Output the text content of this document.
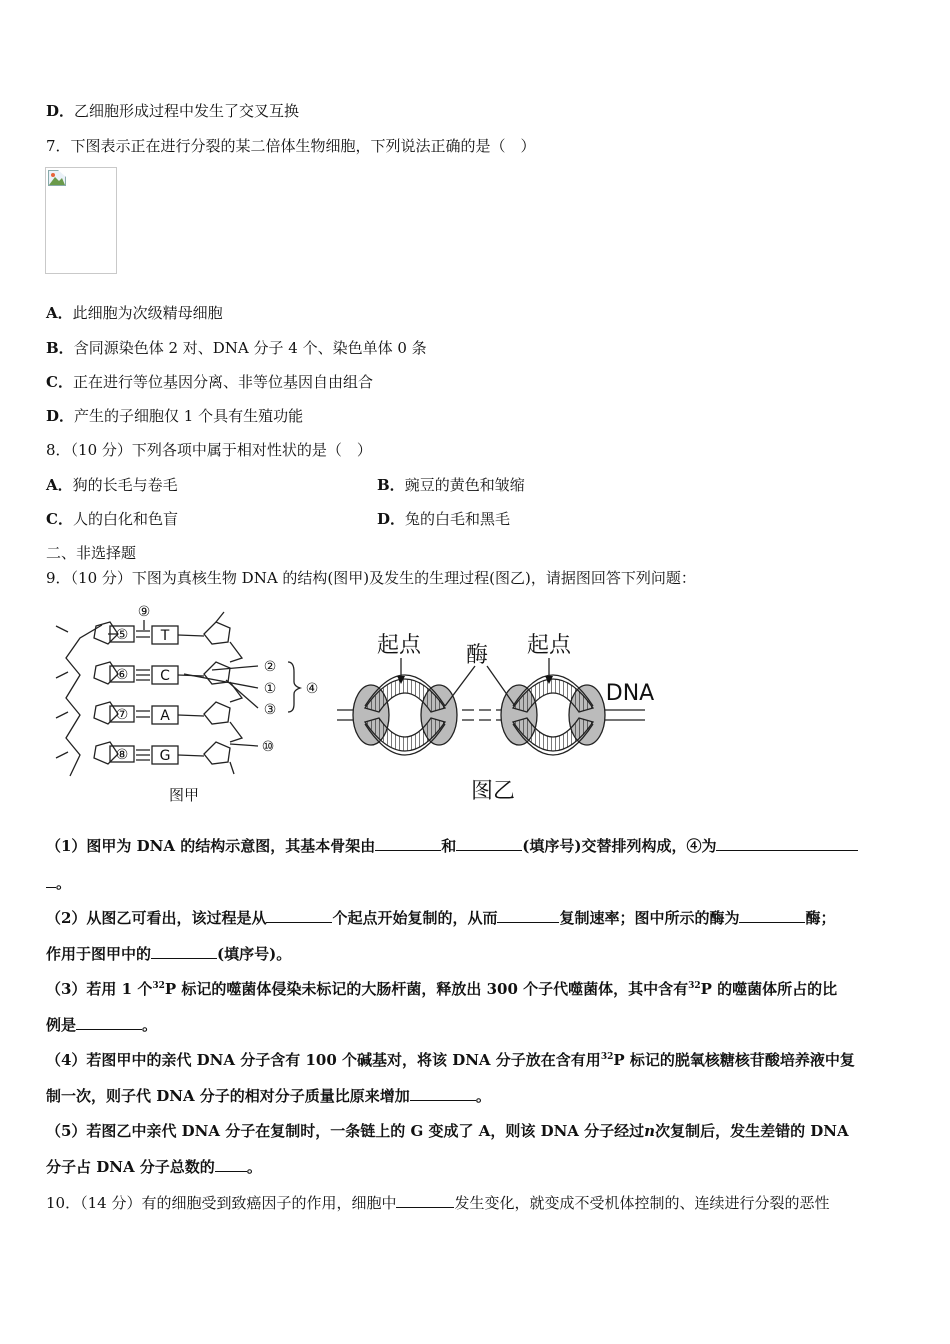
D．乙细胞形成过程中发生了交叉互换
7．下图表示正在进行分裂的某二倍体生物细胞，下列说法正确的是（　）
A．此细胞为次级精母细胞
B．含同源染色体 2 对、DNA 分子 4 个、染色单体 0 条
C．正在进行等位基因分离、非等位基因自由组合
D．产生的子细胞仅 1 个具有生殖功能
8．（10 分）下列各项中属于相对性状的是（　）
A．狗的长毛与卷毛	B．豌豆的黄色和皱缩
C．人的白化和色盲	D．兔的白毛和黑毛
二、非选择题
9．（10 分）下图为真核生物 DNA 的结构(图甲)及发生的生理过程(图乙)，请据图回答下列问题：
⑨
⑤
⑥
⑦
⑧
T
C
A
G
②
①
③
④
⑩
图甲
起点 酶 起点
DNA
图乙
（1）图甲为 DNA 的结构示意图，其基本骨架由	和	(填序号)交替排列构成，④为
。
（2）从图乙可看出，该过程是从	个起点开始复制的，从而	复制速率；图中所示的酶为	酶；
作用于图甲中的	(填序号)。
（3）若用 1 个$^{32}$P 标记的噬菌体侵染未标记的大肠杆菌，释放出 300 个子代噬菌体，其中含有$^{32}$P 的噬菌体所占的比
例是	。
（4）若图甲中的亲代 DNA 分子含有 100 个碱基对，将该 DNA 分子放在含有用$^{32}$P 标记的脱氧核糖核苷酸培养液中复
制一次，则子代 DNA 分子的相对分子质量比原来增加	。
（5）若图乙中亲代 DNA 分子在复制时，一条链上的 G 变成了 A，则该 DNA 分子经过n次复制后，发生差错的 DNA
分子占 DNA 分子总数的 。
10．（14 分）有的细胞受到致癌因子的作用，细胞中	发生变化，就变成不受机体控制的、连续进行分裂的恶性
